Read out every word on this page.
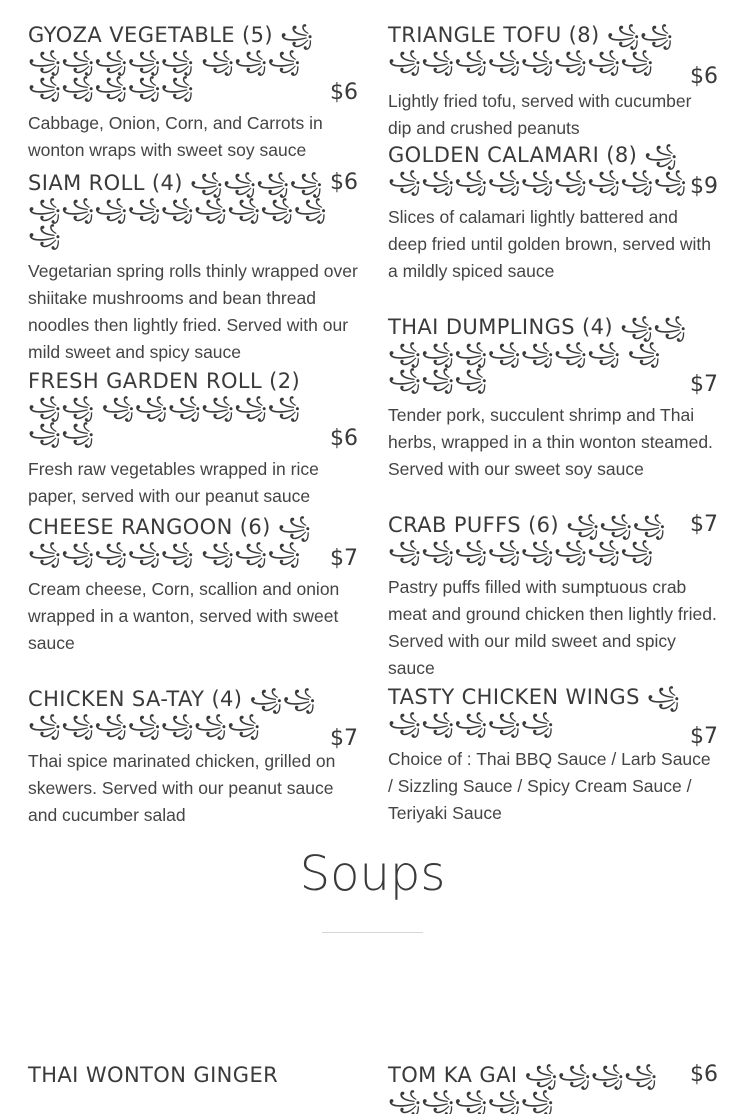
GYOZA VEGETABLE (5) ꧁꧁꧁꧁꧁꧁ ꧁꧁꧁꧁꧁꧁꧁꧁	$6
Cabbage, Onion, Corn, and Carrots in wonton wraps with sweet soy sauce
SIAM ROLL (4) ꧁꧁꧁꧁꧁꧁꧁꧁꧁꧁꧁꧁꧁꧁
$6
Vegetarian spring rolls thinly wrapped over shiitake mushrooms and bean thread noodles then lightly fried. Served with our mild sweet and spicy sauce
FRESH GARDEN ROLL (2) ꧁꧁ ꧁꧁꧁꧁꧁꧁꧁꧁	$6
Fresh raw vegetables wrapped in rice paper, served with our peanut sauce
CHEESE RANGOON (6) ꧁꧁꧁꧁꧁꧁ ꧁꧁꧁	$7
Cream cheese, Corn, scallion and onion wrapped in a wanton, served with sweet sauce
CHICKEN SA-TAY (4) ꧁꧁꧁꧁꧁꧁꧁꧁꧁
$7
Thai spice marinated chicken, grilled on skewers. Served with our peanut sauce and cucumber salad
TRIANGLE TOFU (8) ꧁꧁꧁꧁꧁꧁꧁꧁꧁꧁
$6
Lightly fried tofu, served with cucumber dip and crushed peanuts
GOLDEN CALAMARI (8) ꧁꧁꧁꧁꧁꧁꧁꧁꧁꧁ $9
Slices of calamari lightly battered and deep fried until golden brown, served with a mildly spiced sauce
THAI DUMPLINGS (4) ꧁꧁꧁꧁꧁꧁꧁꧁꧁ ꧁꧁꧁꧁	$7
Tender pork, succulent shrimp and Thai herbs, wrapped in a thin wonton steamed. Served with our sweet soy sauce
CRAB PUFFS (6) ꧁꧁꧁꧁꧁꧁꧁꧁꧁꧁꧁
$7
Pastry puffs filled with sumptuous crab meat and ground chicken then lightly fried. Served with our mild sweet and spicy sauce
TASTY CHICKEN WINGS ꧁꧁꧁꧁꧁꧁
$7
Choice of : Thai BBQ Sauce / Larb Sauce / Sizzling Sauce / Spicy Cream Sauce / Teriyaki Sauce
Soups
THAI WONTON GINGER	TOM KA GAI ꧁꧁꧁꧁꧁꧁꧁꧁꧁
$6
